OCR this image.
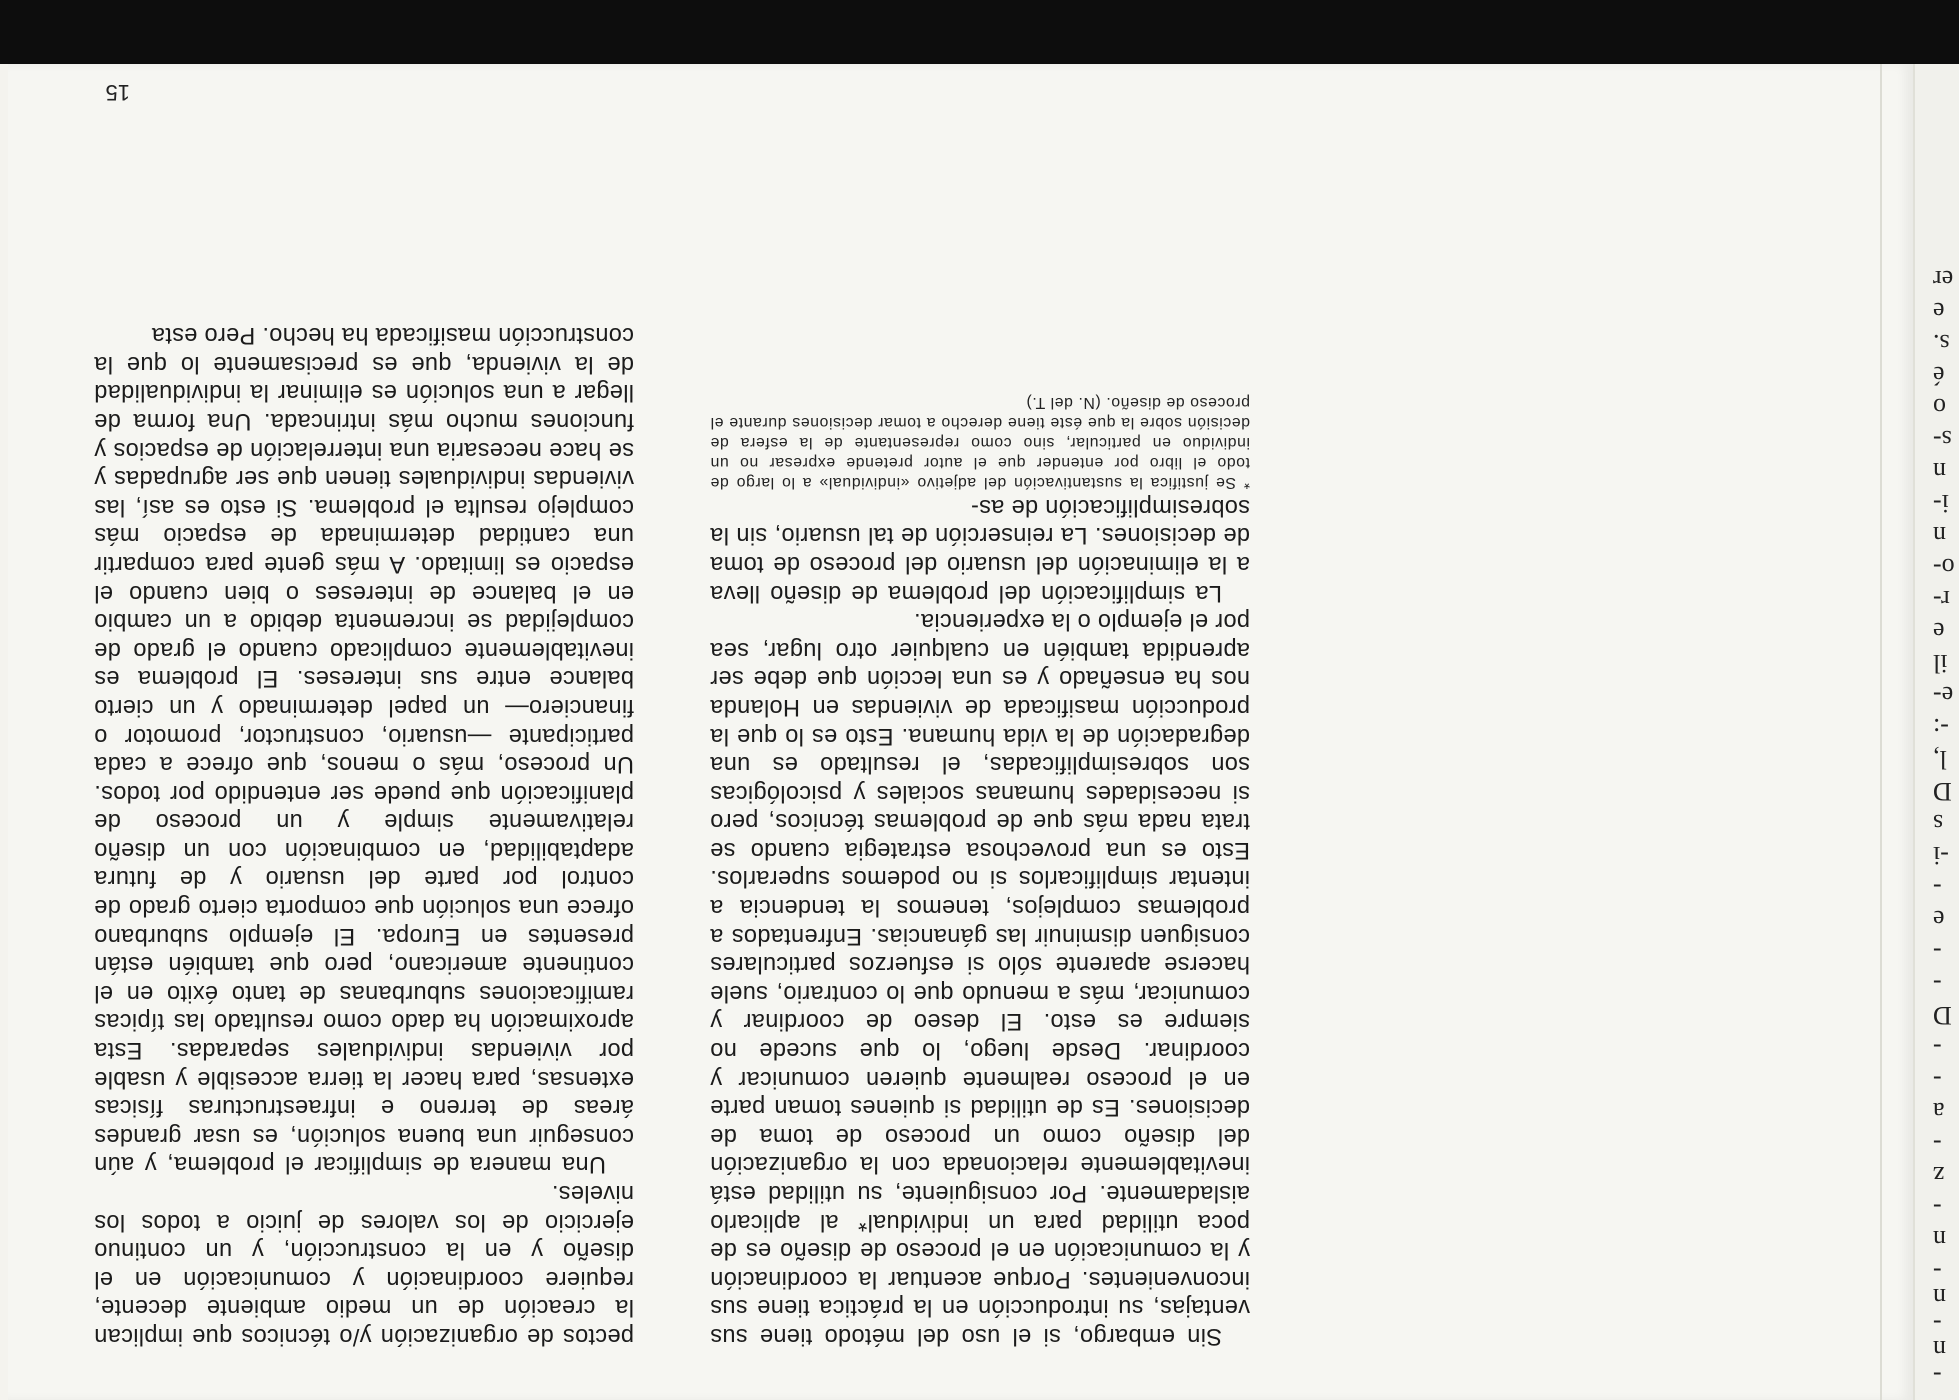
er
e
s.
é
o
s-
n
i-
n
o-
r-
e
il
e-
-:
l,
D
s
-i
-
e
-
-
D
-
-
a
-
z
-
n
-
n
-
n
-

Sin embargo, si el uso del método tiene sus ventajas, su introducción en la práctica tiene sus inconvenientes. Porque acentuar la coordinación y la comunicación en el proceso de diseño es de poca utilidad para un individual* al aplicarlo aisladamente. Por consiguiente, su utilidad está inevitablemente relacionada con la organización del diseño como un proceso de toma de decisiones. Es de utilidad si quienes toman parte en el proceso realmente quieren comunicar y coordinar. Desde luego, lo que sucede no siempre es esto. El deseo de coordinar y comunicar, más a menudo que lo contrario, suele hacerse aparente sólo si esfuerzos particulares consiguen disminuir las gánancias. Enfrentados a problemas complejos, tenemos la tendencia a intentar simplificarlos si no podemos superarlos. Esto es una provechosa estrategia cuando se trata nada más que de problemas técnicos, pero si necesidades humanas sociales y psicológicas son sobresimplificadas, el resultado es una degradación de la vida humana. Esto es lo que la producción masificada de viviendas en Holanda nos ha enseñado y es una lección que debe ser aprendida también en cualquier otro lugar, sea por el ejemplo o la experiencia.

La simplificación del problema de diseño lleva a la eliminación del usuario del proceso de toma de decisiones. La reinserción de tal usuario, sin la sobresimplificación de as-

* Se justifica la sustantivación del adjetivo «individual» a lo largo de todo el libro por entender que el autor pretende expresar no un individuo en particular, sino como representante de la esfera de decisión sobre la que éste tiene derecho a tomar decisiones durante el proceso de diseño. (N. del T.)

pectos de organización y/o técnicos que implican la creación de un medio ambiente decente, requiere coordinación y comunicación en el diseño y en la construcción, y un continuo ejercicio de los valores de juicio a todos los niveles.

Una manera de simplificar el problema, y aún conseguir una buena solución, es usar grandes áreas de terreno e infraestructuras físicas extensas, para hacer la tierra accesible y usable por viviendas individuales separadas. Esta aproximación ha dado como resultado las típicas ramificaciones suburbanas de tanto éxito en el continente americano, pero que también están presentes en Europa. El ejemplo suburbano ofrece una solución que comporta cierto grado de control por parte del usuario y de futura adaptabilidad, en combinación con un diseño relativamente simple y un proceso de planificación que puede ser entendido por todos. Un proceso, más o menos, que ofrece a cada participante —usuario, constructor, promotor o financiero— un papel determinado y un cierto balance entre sus intereses. El problema es inevitablemente complicado cuando el grado de complejidad se incrementa debido a un cambio en el balance de intereses o bien cuando el espacio es limitado. A más gente para compartir una cantidad determinada de espacio más complejo resulta el problema. Si esto es así, las viviendas individuales tienen que ser agrupadas y se hace necesaria una interrelación de espacios y funciones mucho más intrincada. Una forma de llegar a una solución es eliminar la individualidad de la vivienda, que es precisamente lo que la construcción masificada ha hecho. Pero esta

15
